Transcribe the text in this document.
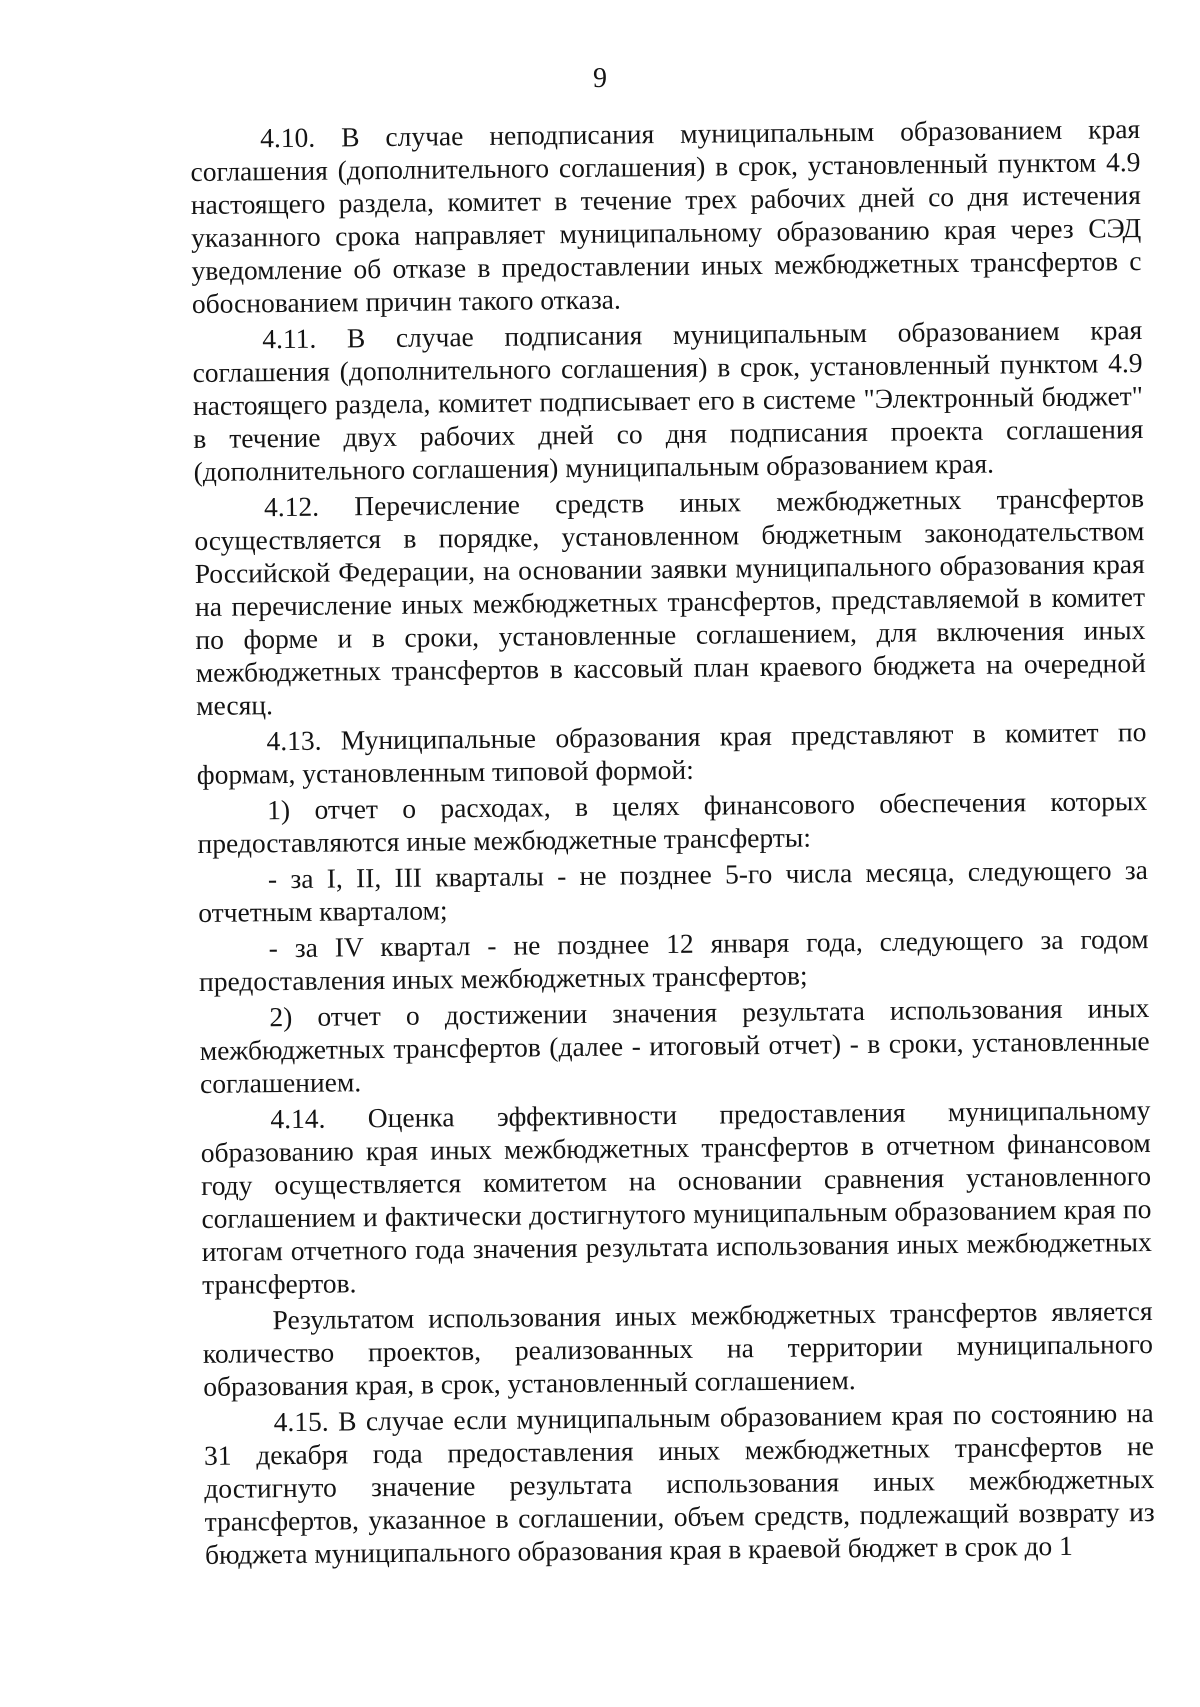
9

4.10. В случае неподписания муниципальным образованием края соглашения (дополнительного соглашения) в срок, установленный пунктом 4.9 настоящего раздела, комитет в течение трех рабочих дней со дня истечения указанного срока направляет муниципальному образованию края через СЭД уведомление об отказе в предоставлении иных межбюджетных трансфертов с обоснованием причин такого отказа.

4.11. В случае подписания муниципальным образованием края соглашения (дополнительного соглашения) в срок, установленный пунктом 4.9 настоящего раздела, комитет подписывает его в системе "Электронный бюджет" в течение двух рабочих дней со дня подписания проекта соглашения (дополнительного соглашения) муниципальным образованием края.

4.12. Перечисление средств иных межбюджетных трансфертов осуществляется в порядке, установленном бюджетным законодательством Российской Федерации, на основании заявки муниципального образования края на перечисление иных межбюджетных трансфертов, представляемой в комитет по форме и в сроки, установленные соглашением, для включения иных межбюджетных трансфертов в кассовый план краевого бюджета на очередной месяц.

4.13. Муниципальные образования края представляют в комитет по формам, установленным типовой формой:

1) отчет о расходах, в целях финансового обеспечения которых предоставляются иные межбюджетные трансферты:

- за I, II, III кварталы - не позднее 5-го числа месяца, следующего за отчетным кварталом;

- за IV квартал - не позднее 12 января года, следующего за годом предоставления иных межбюджетных трансфертов;

2) отчет о достижении значения результата использования иных межбюджетных трансфертов (далее - итоговый отчет) - в сроки, установленные соглашением.

4.14. Оценка эффективности предоставления муниципальному образованию края иных межбюджетных трансфертов в отчетном финансовом году осуществляется комитетом на основании сравнения установленного соглашением и фактически достигнутого муниципальным образованием края по итогам отчетного года значения результата использования иных межбюджетных трансфертов.

Результатом использования иных межбюджетных трансфертов является количество проектов, реализованных на территории муниципального образования края, в срок, установленный соглашением.

4.15. В случае если муниципальным образованием края по состоянию на 31 декабря года предоставления иных межбюджетных трансфертов не достигнуто значение результата использования иных межбюджетных трансфертов, указанное в соглашении, объем средств, подлежащий возврату из бюджета муниципального образования края в краевой бюджет в срок до 1
